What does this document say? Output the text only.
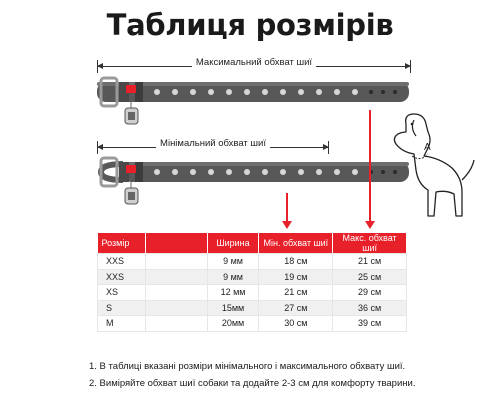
Таблиця розмірів
Максимальний обхват шиї
Мінімальний обхват шиї	A
Розмір		Ширина	Мін. обхват шиї	Макс. обхват шиї
XXS		9 мм	18 см	21 см
XXS		9 мм	19 см	25 см
XS		12 мм	21 см	29 см
S		15мм	27 см	36 см
M		20мм	30 см	39 см
1. В таблиці вказані розміри мінімального і максимального обхвату шиї.
2. Виміряйте обхват шиї собаки та додайте 2-3 см для комфорту тварини.
